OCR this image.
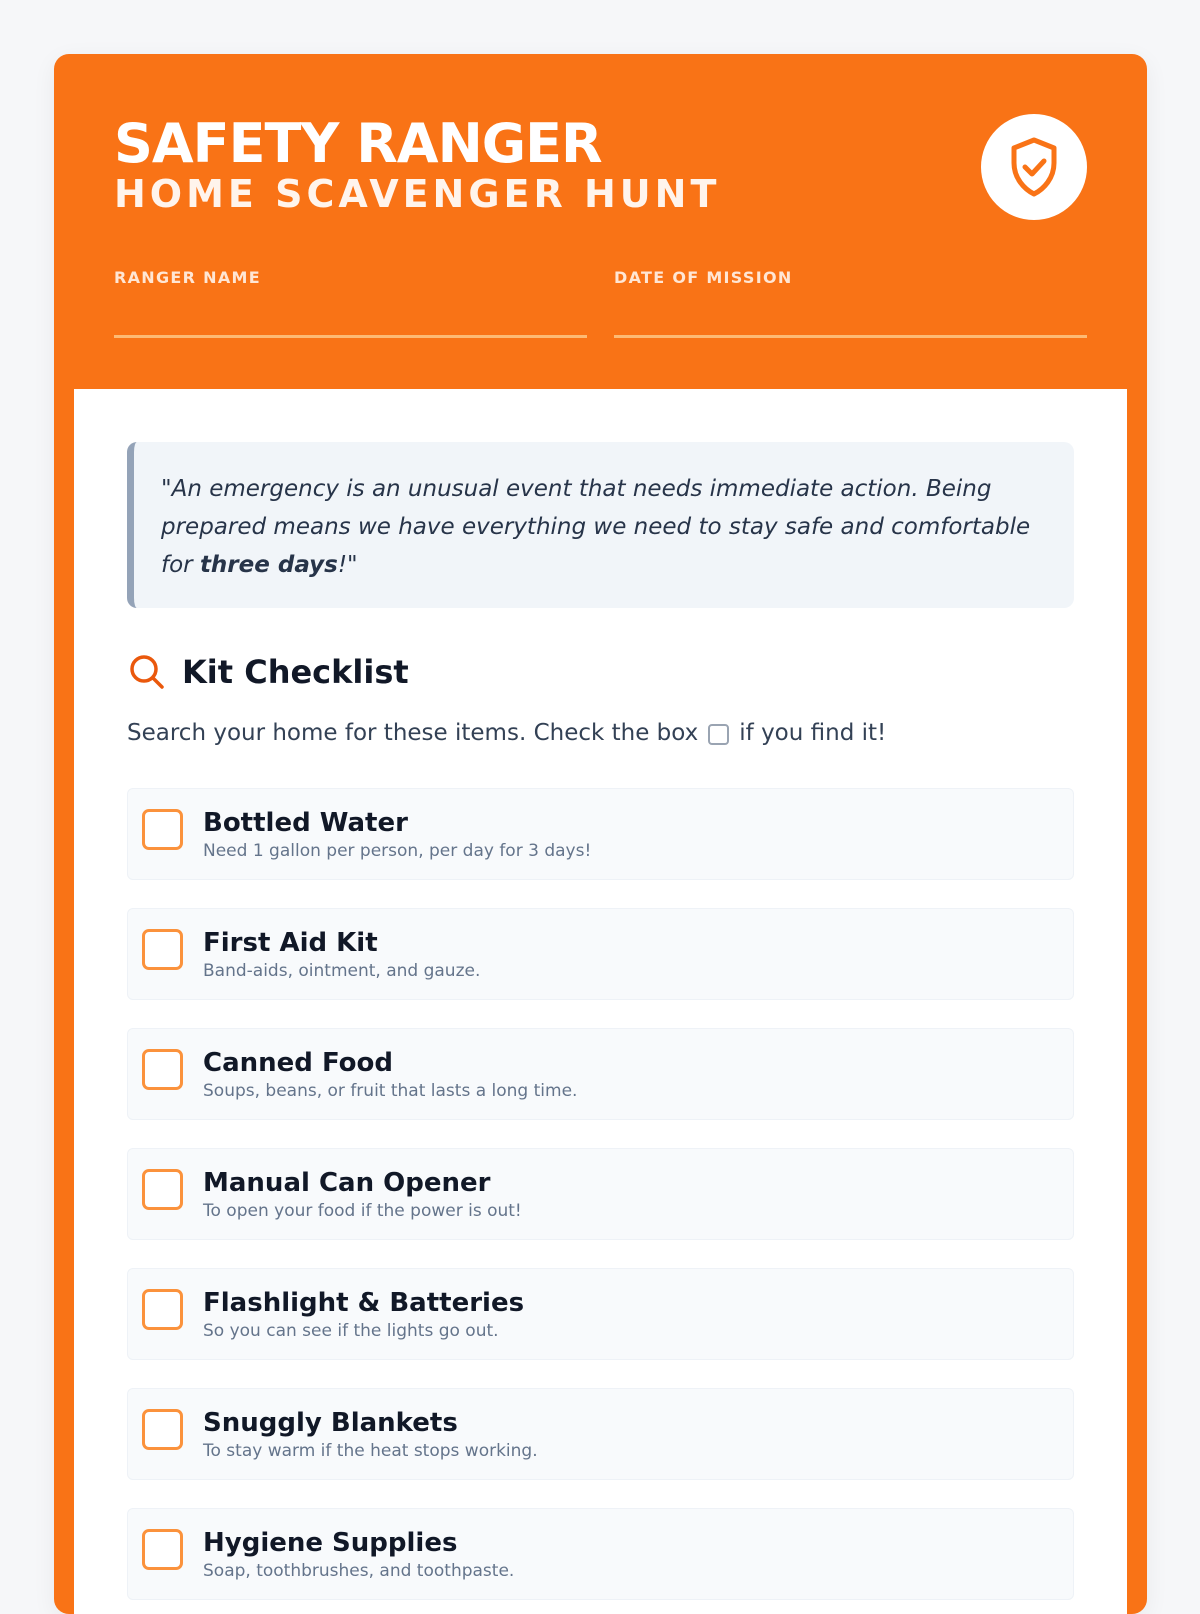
SAFETY RANGER
HOME SCAVENGER HUNT
RANGER NAME	DATE OF MISSION
"An emergency is an unusual event that needs immediate action. Being prepared means we have everything we need to stay safe and comfortable for three days!"
Kit Checklist

Search your home for these items. Check the box if you find it!

Bottled Water
Need 1 gallon per person, per day for 3 days!
First Aid Kit
Band-aids, ointment, and gauze.
Canned Food
Soups, beans, or fruit that lasts a long time.
Manual Can Opener
To open your food if the power is out!
Flashlight & Batteries
So you can see if the lights go out.
Snuggly Blankets
To stay warm if the heat stops working.
Hygiene Supplies
Soap, toothbrushes, and toothpaste.
